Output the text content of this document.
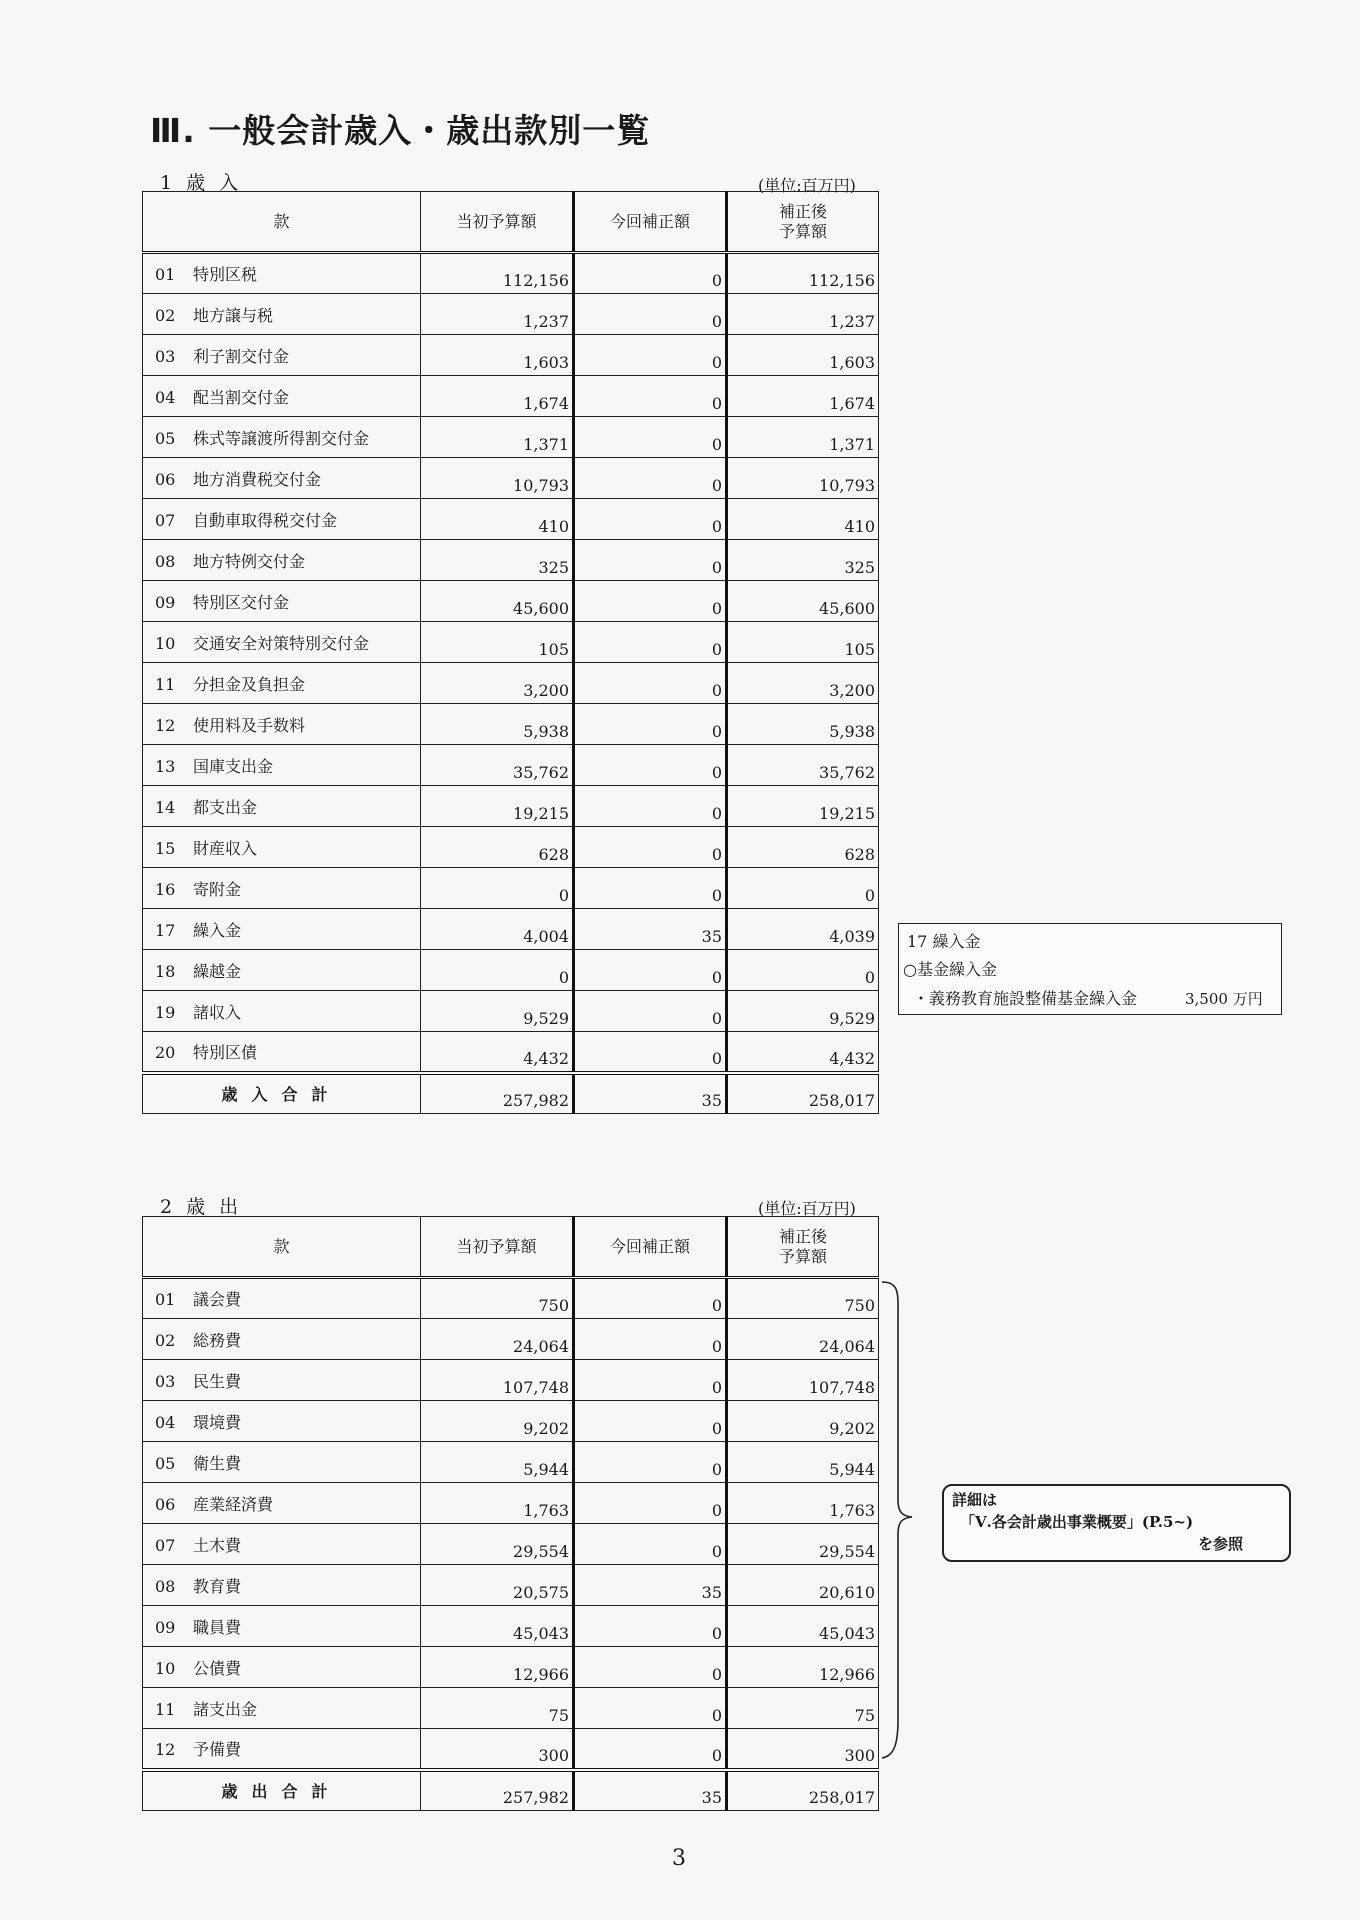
Ⅲ. 一般会計歳入・歳出款別一覧
1 歳 入	(単位:百万円)
款	当初予算額	今回補正額	補正後
予算額
01 特別区税	112,156	0	112,156
02 地方譲与税	1,237	0	1,237
03 利子割交付金	1,603	0	1,603
04 配当割交付金	1,674	0	1,674
05 株式等譲渡所得割交付金	1,371	0	1,371
06 地方消費税交付金	10,793	0	10,793
07 自動車取得税交付金	410	0	410
08 地方特例交付金	325	0	325
09 特別区交付金	45,600	0	45,600
10 交通安全対策特別交付金	105	0	105
11 分担金及負担金	3,200	0	3,200
12 使用料及手数料	5,938	0	5,938
13 国庫支出金	35,762	0	35,762
14 都支出金	19,215	0	19,215
15 財産収入	628	0	628
16 寄附金	0	0	0
17 繰入金	4,004	35	4,039
18 繰越金	0	0	0
19 諸収入	9,529	0	9,529
20 特別区債	4,432	0	4,432
歳入合計	257,982	35	258,017
17 繰入金
○基金繰入金
・義務教育施設整備基金繰入金	3,500 万円
2 歳 出	(単位:百万円)
款	当初予算額	今回補正額	補正後
予算額
01 議会費	750	0	750
02 総務費	24,064	0	24,064
03 民生費	107,748	0	107,748
04 環境費	9,202	0	9,202
05 衛生費	5,944	0	5,944
06 産業経済費	1,763	0	1,763
07 土木費	29,554	0	29,554
08 教育費	20,575	35	20,610
09 職員費	45,043	0	45,043
10 公債費	12,966	0	12,966
11 諸支出金	75	0	75
12 予備費	300	0	300
歳出合計	257,982	35	258,017
詳細は
「Ⅴ.各会計歳出事業概要」(P.5~)
を参照
3
